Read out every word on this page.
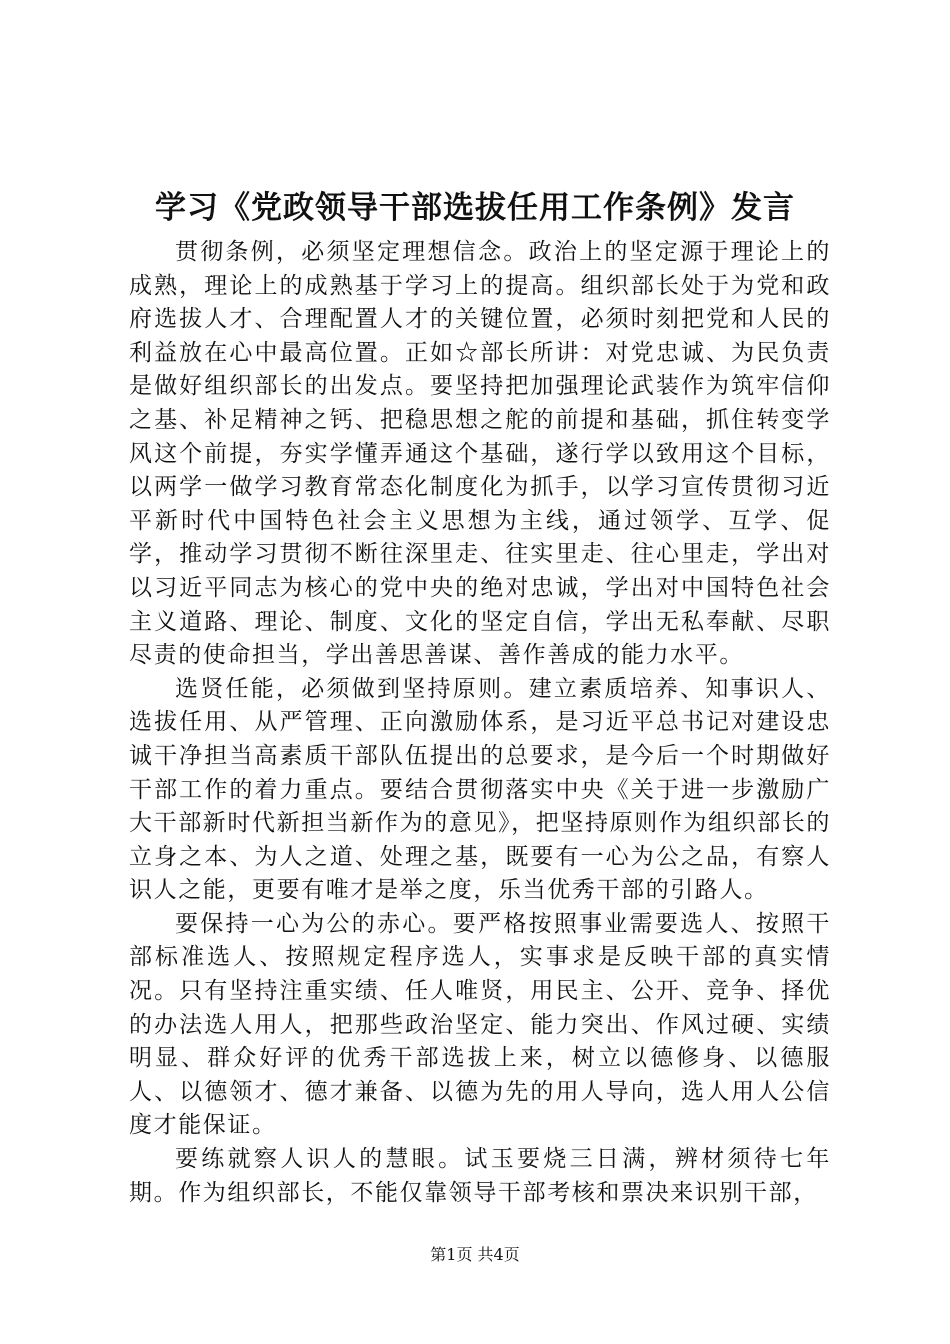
学习《党政领导干部选拔任用工作条例》发言

贯彻条例，必须坚定理想信念。政治上的坚定源于理论上的成熟，理论上的成熟基于学习上的提高。组织部长处于为党和政府选拔人才、合理配置人才的关键位置，必须时刻把党和人民的利益放在心中最高位置。正如☆部长所讲：对党忠诚、为民负责是做好组织部长的出发点。要坚持把加强理论武装作为筑牢信仰之基、补足精神之钙、把稳思想之舵的前提和基础，抓住转变学风这个前提，夯实学懂弄通这个基础，遂行学以致用这个目标，以两学一做学习教育常态化制度化为抓手，以学习宣传贯彻习近平新时代中国特色社会主义思想为主线，通过领学、互学、促学，推动学习贯彻不断往深里走、往实里走、往心里走，学出对以习近平同志为核心的党中央的绝对忠诚，学出对中国特色社会主义道路、理论、制度、文化的坚定自信，学出无私奉献、尽职尽责的使命担当，学出善思善谋、善作善成的能力水平。

选贤任能，必须做到坚持原则。建立素质培养、知事识人、选拔任用、从严管理、正向激励体系，是习近平总书记对建设忠诚干净担当高素质干部队伍提出的总要求，是今后一个时期做好干部工作的着力重点。要结合贯彻落实中央《关于进一步激励广大干部新时代新担当新作为的意见》，把坚持原则作为组织部长的立身之本、为人之道、处理之基，既要有一心为公之品，有察人识人之能，更要有唯才是举之度，乐当优秀干部的引路人。

要保持一心为公的赤心。要严格按照事业需要选人、按照干部标准选人、按照规定程序选人，实事求是反映干部的真实情况。只有坚持注重实绩、任人唯贤，用民主、公开、竞争、择优的办法选人用人，把那些政治坚定、能力突出、作风过硬、实绩明显、群众好评的优秀干部选拔上来，树立以德修身、以德服人、以德领才、德才兼备、以德为先的用人导向，选人用人公信度才能保证。

要练就察人识人的慧眼。试玉要烧三日满，辨材须待七年期。作为组织部长，不能仅靠领导干部考核和票决来识别干部，

第1页 共4页
